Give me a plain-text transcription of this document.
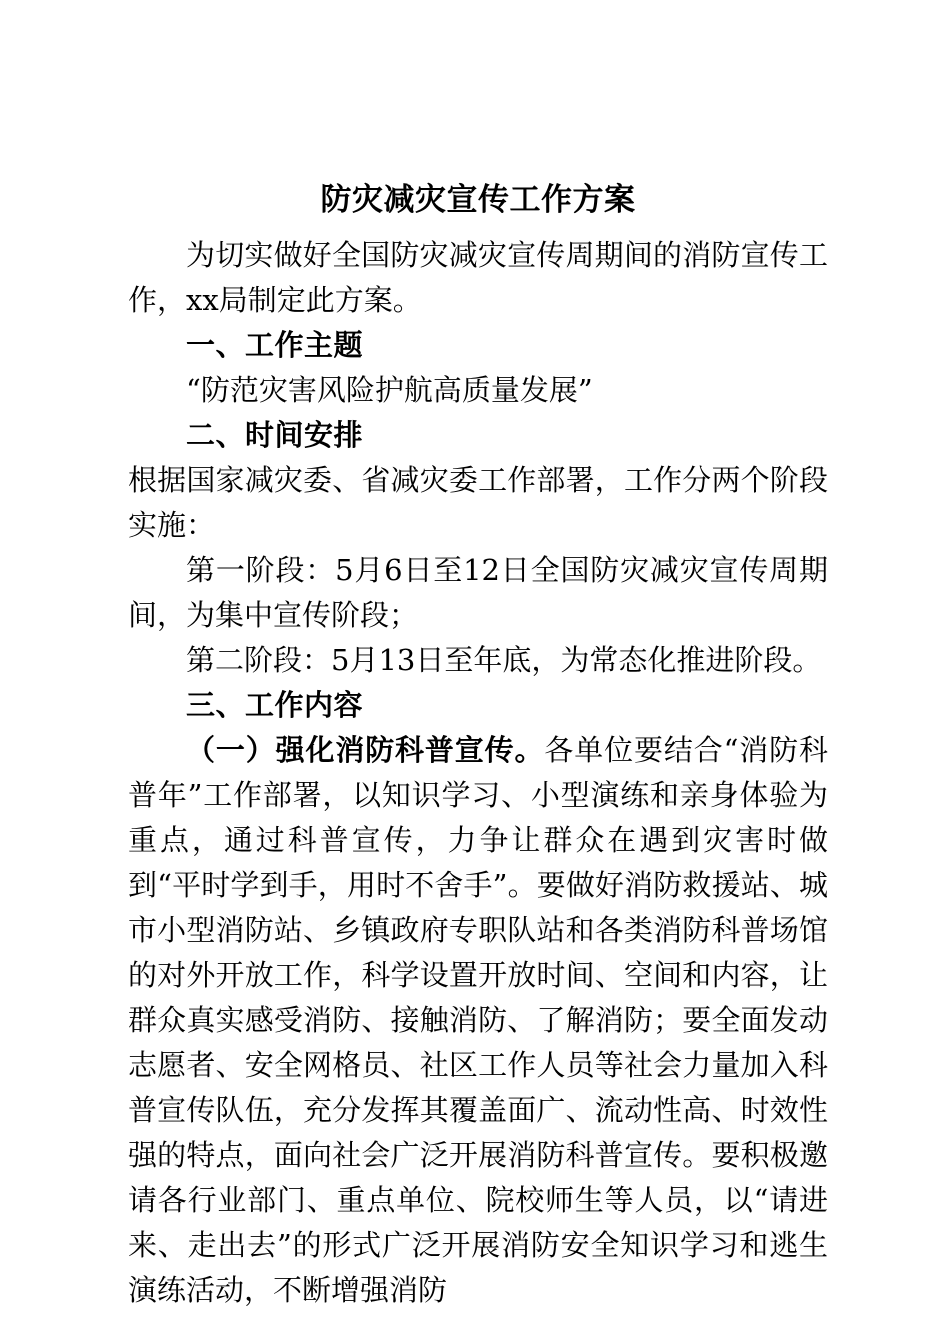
防灾减灾宣传工作方案

为切实做好全国防灾减灾宣传周期间的消防宣传工作，xx局制定此方案。

一、工作主题

“防范灾害风险护航高质量发展”

二、时间安排

根据国家减灾委、省减灾委工作部署，工作分两个阶段实施：

第一阶段：5月6日至12日全国防灾减灾宣传周期间，为集中宣传阶段；

第二阶段：5月13日至年底，为常态化推进阶段。

三、工作内容

（一）强化消防科普宣传。各单位要结合“消防科普年”工作部署，以知识学习、小型演练和亲身体验为重点，通过科普宣传，力争让群众在遇到灾害时做到“平时学到手，用时不舍手”。要做好消防救援站、城市小型消防站、乡镇政府专职队站和各类消防科普场馆的对外开放工作，科学设置开放时间、空间和内容，让群众真实感受消防、接触消防、了解消防；要全面发动志愿者、安全网格员、社区工作人员等社会力量加入科普宣传队伍，充分发挥其覆盖面广、流动性高、时效性强的特点，面向社会广泛开展消防科普宣传。要积极邀请各行业部门、重点单位、院校师生等人员，以“请进来、走出去”的形式广泛开展消防安全知识学习和逃生演练活动，不断增强消防
